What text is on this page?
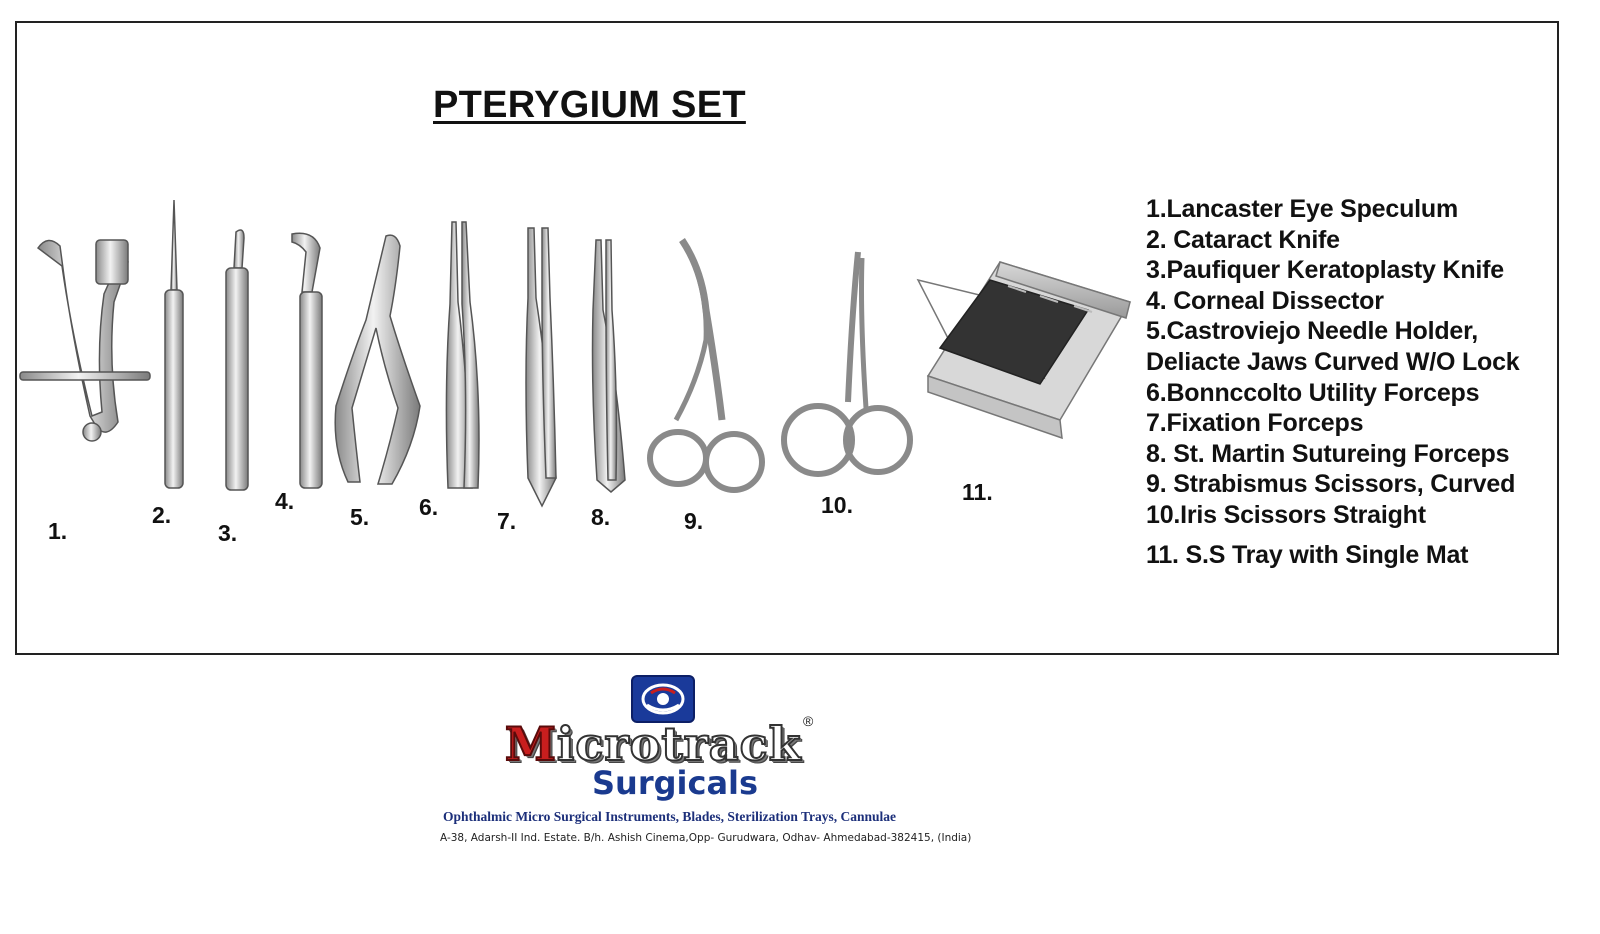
PTERYGIUM SET
1.
2.
3.
4.
5. 6.
7.	8.	9.
10.	11.
1.Lancaster Eye Speculum
2. Cataract Knife
3.Paufiquer Keratoplasty Knife
4. Corneal Dissector
5.Castroviejo Needle Holder,
Deliacte Jaws Curved W/O Lock
6.Bonnccolto Utility Forceps
7.Fixation Forceps
8. St. Martin Sutureing Forceps
9. Strabismus Scissors, Curved
10.Iris Scissors Straight
11. S.S Tray with Single Mat
Microtrack ®
Surgicals
Ophthalmic Micro Surgical Instruments, Blades, Sterilization Trays, Cannulae
A-38, Adarsh-II Ind. Estate. B/h. Ashish Cinema,Opp- Gurudwara, Odhav- Ahmedabad-382415, (India)
